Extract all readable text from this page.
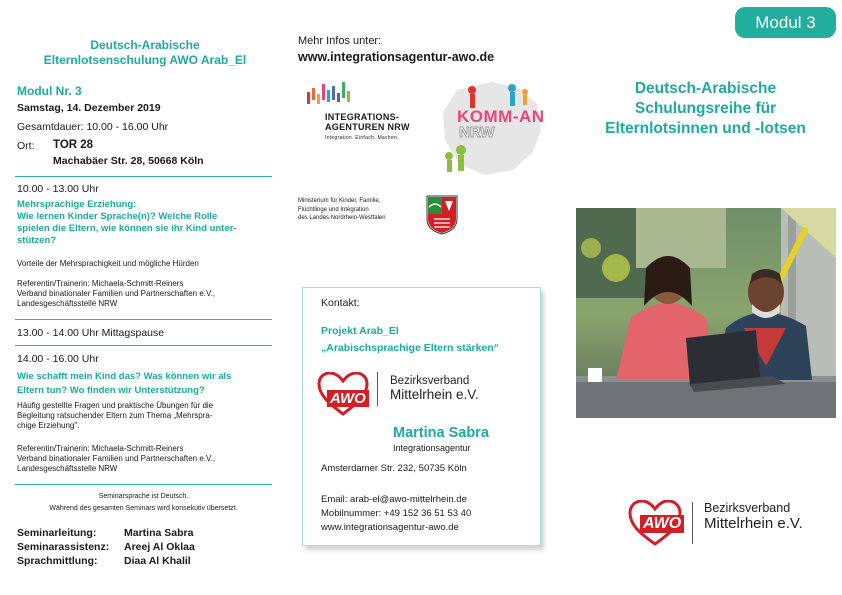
Deutsch-Arabische
Elternlotsenschulung AWO Arab_El
Modul Nr. 3
Samstag, 14. Dezember 2019
Gesamtdauer: 10.00 - 16.00 Uhr
Ort: TOR 28
Machabäer Str. 28, 50668 Köln
10.00 - 13.00 Uhr
Mehrsprachige Erziehung:
Wie lernen Kinder Sprache(n)? Welche Rolle
spielen die Eltern, wie können sie ihr Kind unter-
stützen?
Vorteile der Mehrsprachigkeit und mögliche Hürden
Referentin/Trainerin: Michaela-Schmitt-Reiners
Verband binationaler Familien und Partnerschaften e.V.,
Landesgeschäftsstelle NRW
13.00 - 14.00 Uhr Mittagspause
14.00 - 16.00 Uhr
Wie schafft mein Kind das? Was können wir als
Eltern tun? Wo finden wir Unterstützung?
Häufig gestellte Fragen und praktische Übungen für die
Begleitung ratsuchender Eltern zum Thema „Mehrspra-
chige Erziehung".
Referentin/Trainerin: Michaela-Schmitt-Reiners
Verband binationaler Familien und Partnerschaften e.V.,
Landesgeschäftsstelle NRW
Seminarsprache ist Deutsch.
Während des gesamten Seminars wird konsekutiv übersetzt.
Seminarleitung:	Martina Sabra
Seminarassistenz: Areej Al Oklaa
Sprachmittlung:	Diaa Al Khalil
Mehr Infos unter:
www.integrationsagentur-awo.de
INTEGRATIONS-
AGENTUREN NRW
Integration. Einfach. Machen.
KOMM-AN
NRW
Ministerium für Kinder, Familie,
Flüchtlinge und Integration
des Landes Nordrhein-Westfalen
Kontakt:
Projekt Arab_El
„Arabischsprachige Eltern stärken“
AWO
Bezirksverband
Mittelrhein e.V.
Martina Sabra
Integrationsagentur
Amsterdamer Str. 232, 50735 Köln
Email: arab-el@awo-mittelrhein.de
Mobilnummer: +49 152 36 51 53 40
www.integrationsagentur-awo.de
Modul 3
Deutsch-Arabische
Schulungsreihe für
Elternlotsinnen und -lotsen
AWO
Bezirksverband
Mittelrhein e.V.
